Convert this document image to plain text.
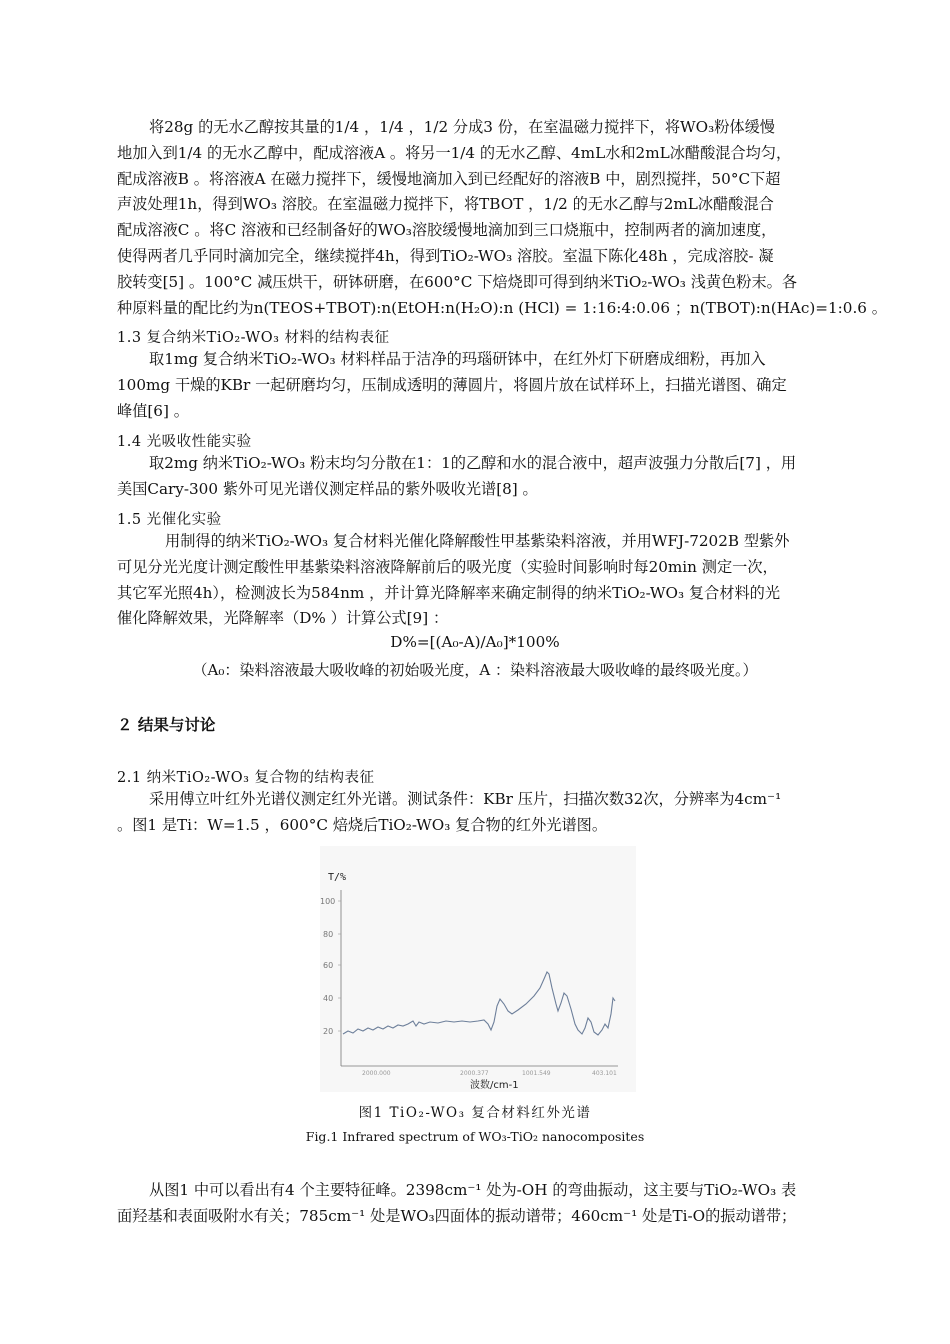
将28g 的无水乙醇按其量的1/4 ，1/4 ，1/2 分成3 份，在室温磁力搅拌下，将WO₃粉体缓慢
地加入到1/4 的无水乙醇中，配成溶液A 。将另一1/4 的无水乙醇、4mL水和2mL冰醋酸混合均匀，
配成溶液B 。将溶液A 在磁力搅拌下，缓慢地滴加入到已经配好的溶液B 中，剧烈搅拌，50°C下超
声波处理1h，得到WO₃ 溶胶。在室温磁力搅拌下，将TBOT ，1/2 的无水乙醇与2mL冰醋酸混合
配成溶液C 。将C 溶液和已经制备好的WO₃溶胶缓慢地滴加到三口烧瓶中，控制两者的滴加速度，
使得两者几乎同时滴加完全，继续搅拌4h，得到TiO₂-WO₃ 溶胶。室温下陈化48h ，完成溶胶- 凝
胶转变[5] 。100°C 减压烘干，研钵研磨，在600°C 下焙烧即可得到纳米TiO₂-WO₃ 浅黄色粉末。各
种原料量的配比约为n(TEOS+TBOT):n(EtOH:n(H₂O):n (HCl) = 1:16:4:0.06 ；n(TBOT):n(HAc)=1:0.6 。
1.3 复合纳米TiO₂-WO₃ 材料的结构表征
取1mg 复合纳米TiO₂-WO₃ 材料样品于洁净的玛瑙研钵中，在红外灯下研磨成细粉，再加入
100mg 干燥的KBr 一起研磨均匀，压制成透明的薄圆片，将圆片放在试样环上，扫描光谱图、确定
峰值[6] 。
1.4 光吸收性能实验
取2mg 纳米TiO₂-WO₃ 粉末均匀分散在1：1的乙醇和水的混合液中，超声波强力分散后[7] ，用
美国Cary-300 紫外可见光谱仪测定样品的紫外吸收光谱[8] 。
1.5 光催化实验
用制得的纳米TiO₂-WO₃ 复合材料光催化降解酸性甲基紫染料溶液，并用WFJ-7202B 型紫外
可见分光光度计测定酸性甲基紫染料溶液降解前后的吸光度（实验时间影响时每20min 测定一次，
其它军光照4h），检测波长为584nm ，并计算光降解率来确定制得的纳米TiO₂-WO₃ 复合材料的光
催化降解效果，光降解率（D% ）计算公式[9] ：
D%=[(A₀-A)/A₀]*100%
（A₀：染料溶液最大吸收峰的初始吸光度，A ：染料溶液最大吸收峰的最终吸光度。）
２ 结果与讨论
2.1 纳米TiO₂-WO₃ 复合物的结构表征
采用傅立叶红外光谱仪测定红外光谱。测试条件：KBr 压片，扫描次数32次，分辨率为4cm⁻¹
。图1 是Ti：W=1.5 ，600°C 焙烧后TiO₂-WO₃ 复合物的红外光谱图。
T/%
100
80
60
40
20
2000.000	2000.377	1001.549	403.101
波数/cm-1
图1 TiO₂-WO₃ 复合材料红外光谱
Fig.1 Infrared spectrum of WO₃-TiO₂ nanocomposites
从图1 中可以看出有4 个主要特征峰。2398cm⁻¹ 处为-OH 的弯曲振动，这主要与TiO₂-WO₃ 表
面羟基和表面吸附水有关；785cm⁻¹ 处是WO₃四面体的振动谱带；460cm⁻¹ 处是Ti-O的振动谱带；
